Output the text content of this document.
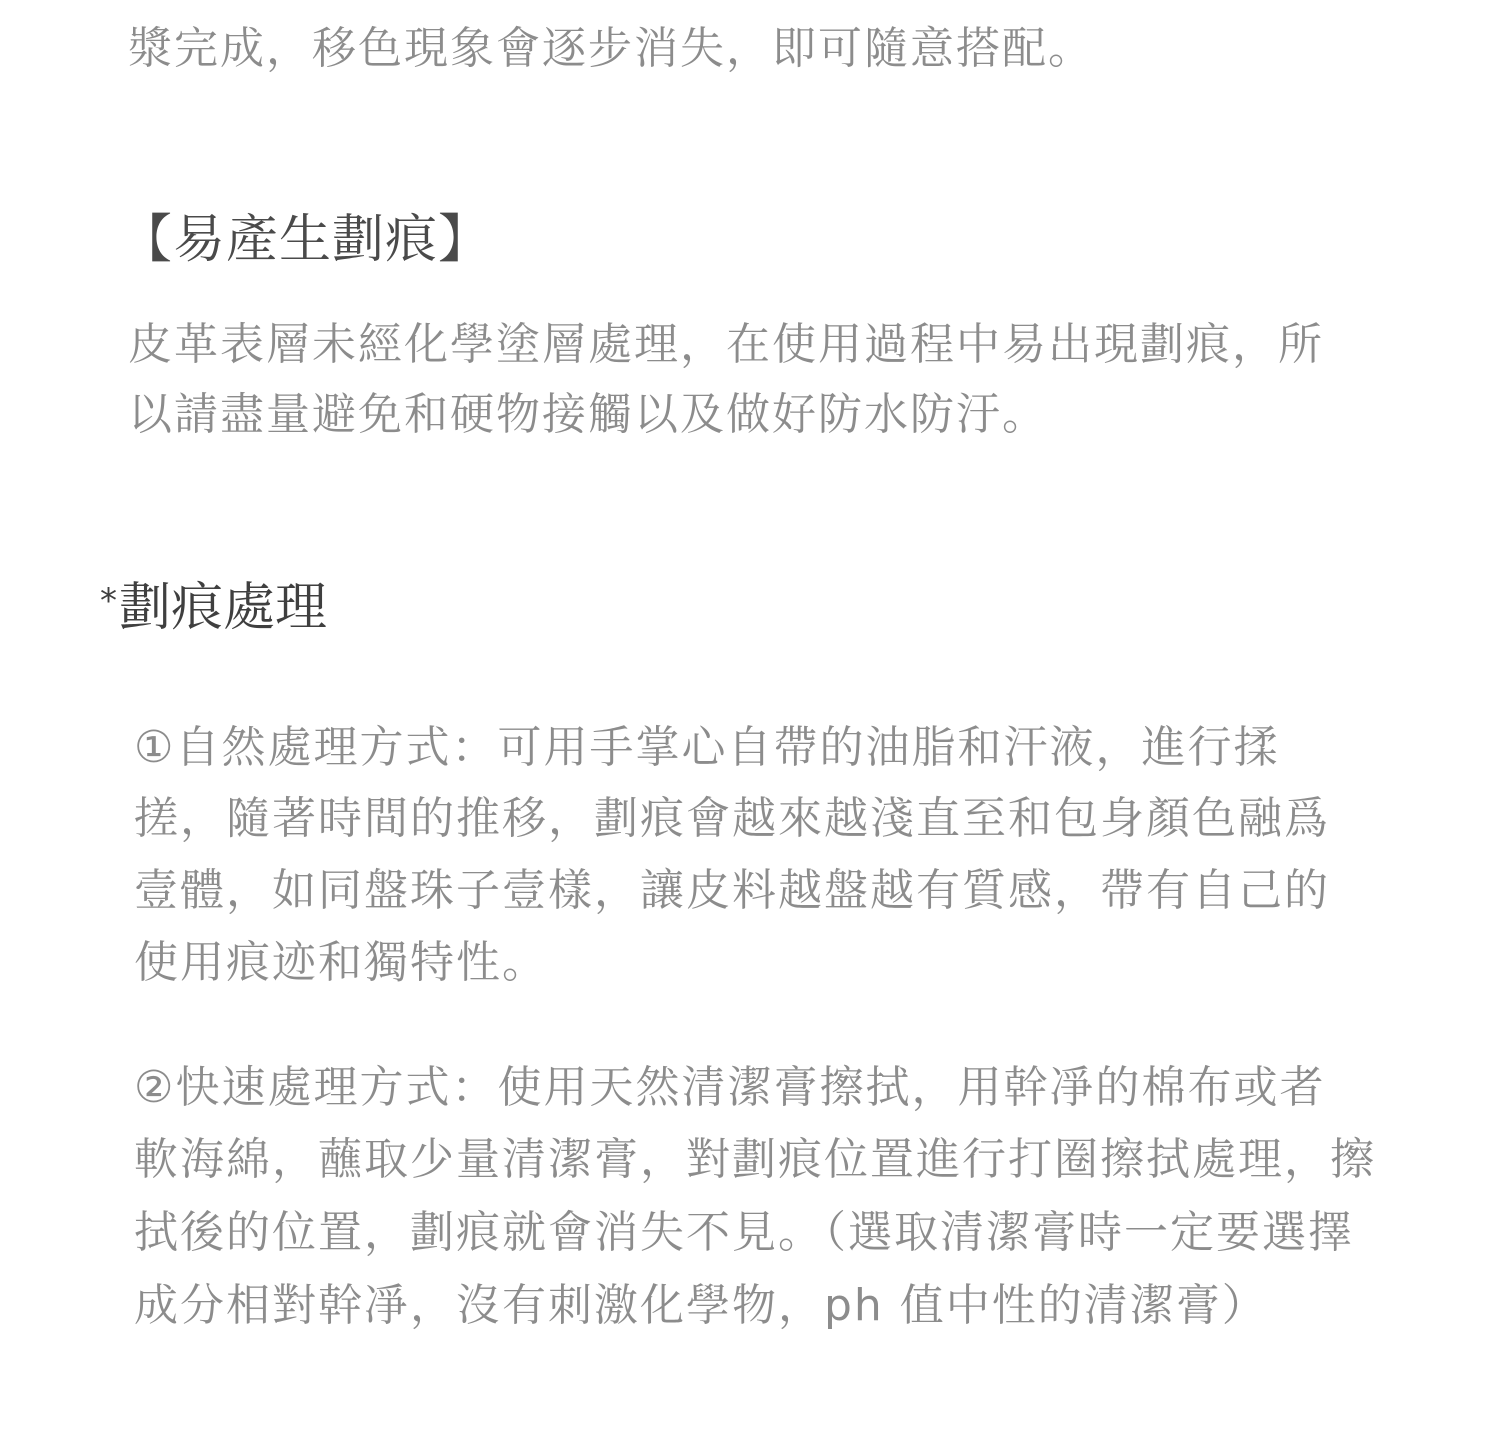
漿完成，移色現象會逐步消失，即可隨意搭配。

【易產生劃痕】

皮革表層未經化學塗層處理，在使用過程中易出現劃痕，所

以請盡量避免和硬物接觸以及做好防水防汙。

*劃痕處理

①自然處理方式：可用手掌心自帶的油脂和汗液，進行揉

搓，隨著時間的推移，劃痕會越來越淺直至和包身顏色融爲

壹體，如同盤珠子壹樣，讓皮料越盤越有質感，帶有自己的

使用痕迹和獨特性。

②快速處理方式：使用天然清潔膏擦拭，用幹凈的棉布或者

軟海綿，蘸取少量清潔膏，對劃痕位置進行打圈擦拭處理，擦

拭後的位置，劃痕就會消失不見。（選取清潔膏時一定要選擇

成分相對幹凈，沒有刺激化學物，ph 值中性的清潔膏）
